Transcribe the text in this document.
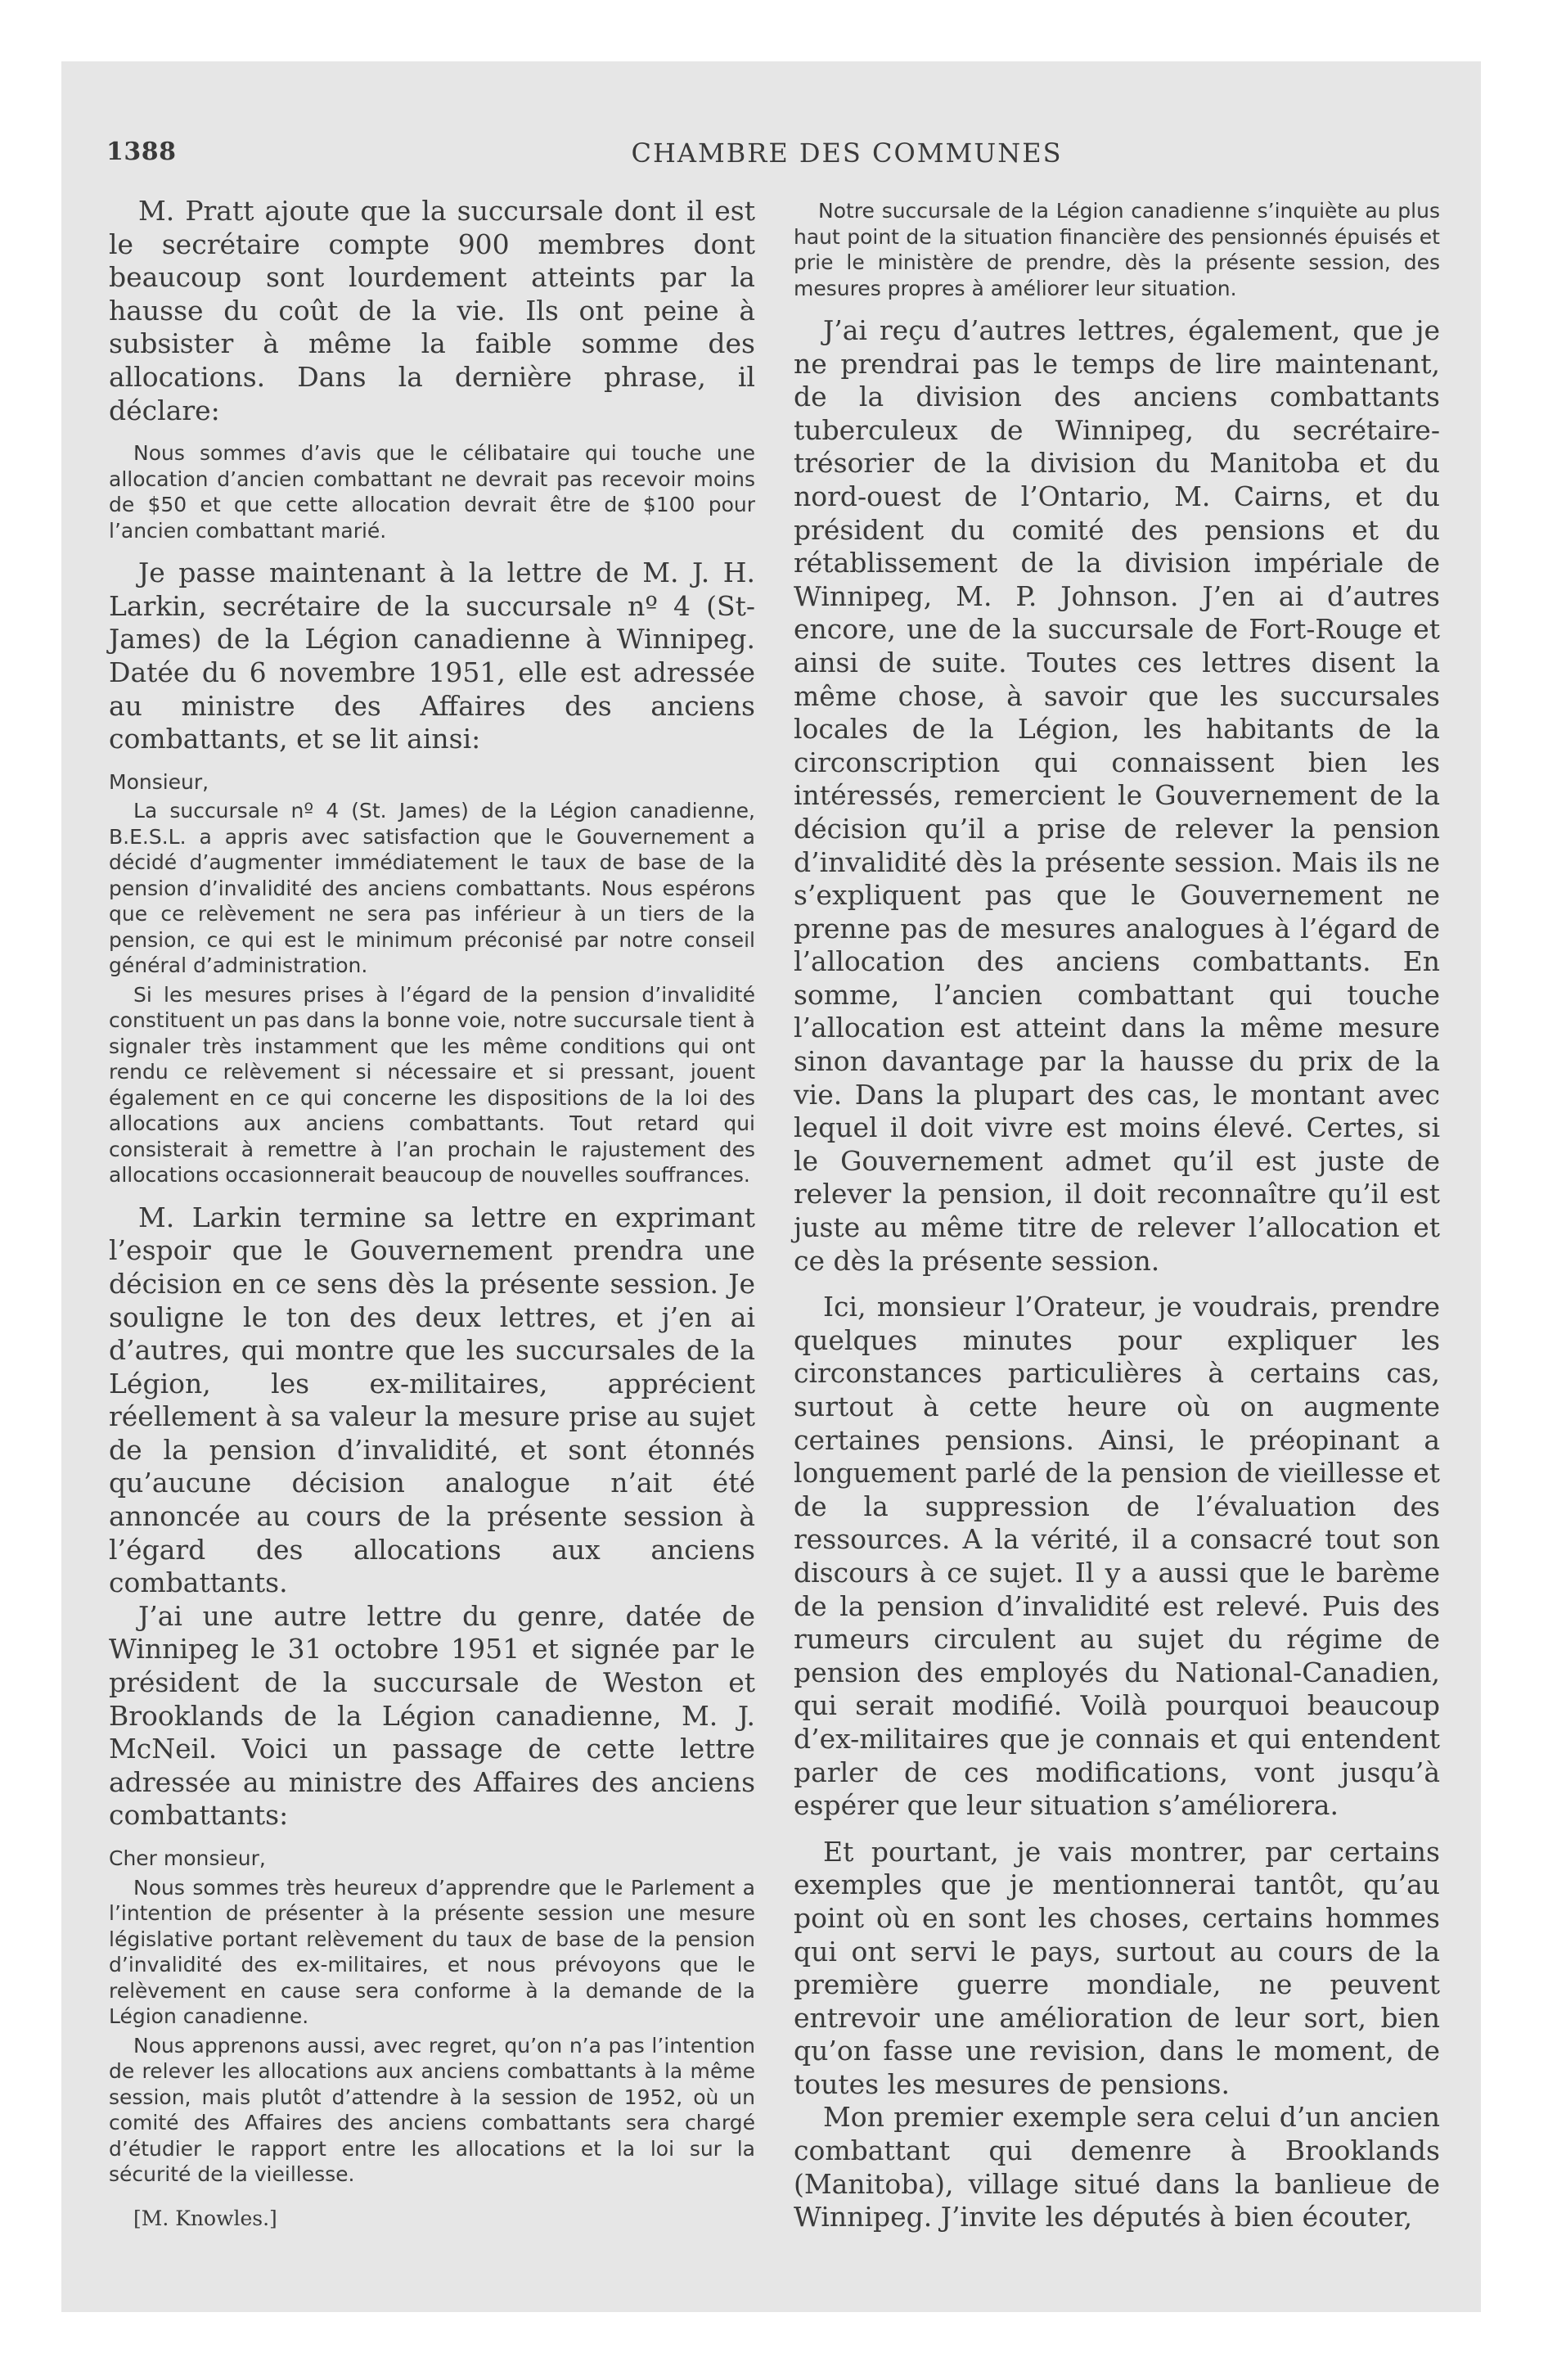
1388	CHAMBRE DES COMMUNES

M. Pratt ajoute que la succursale dont il est le secrétaire compte 900 membres dont beaucoup sont lourdement atteints par la hausse du coût de la vie. Ils ont peine à subsister à même la faible somme des allocations. Dans la dernière phrase, il déclare:

Nous sommes d’avis que le célibataire qui touche une allocation d’ancien combattant ne devrait pas recevoir moins de $50 et que cette allocation devrait être de $100 pour l’ancien combattant marié.

Je passe maintenant à la lettre de M. J. H. Larkin, secrétaire de la succursale nº 4 (St-James) de la Légion canadienne à Winnipeg. Datée du 6 novembre 1951, elle est adressée au ministre des Affaires des anciens combattants, et se lit ainsi:

Monsieur,

La succursale nº 4 (St. James) de la Légion canadienne, B.E.S.L. a appris avec satisfaction que le Gouvernement a décidé d’augmenter immédiatement le taux de base de la pension d’invalidité des anciens combattants. Nous espérons que ce relèvement ne sera pas inférieur à un tiers de la pension, ce qui est le minimum préconisé par notre conseil général d’administration.

Si les mesures prises à l’égard de la pension d’invalidité constituent un pas dans la bonne voie, notre succursale tient à signaler très instamment que les même conditions qui ont rendu ce relèvement si nécessaire et si pressant, jouent également en ce qui concerne les dispositions de la loi des allocations aux anciens combattants. Tout retard qui consisterait à remettre à l’an prochain le rajustement des allocations occasionnerait beaucoup de nouvelles souffrances.

M. Larkin termine sa lettre en exprimant l’espoir que le Gouvernement prendra une décision en ce sens dès la présente session. Je souligne le ton des deux lettres, et j’en ai d’autres, qui montre que les succursales de la Légion, les ex-militaires, apprécient réellement à sa valeur la mesure prise au sujet de la pension d’invalidité, et sont étonnés qu’aucune décision analogue n’ait été annoncée au cours de la présente session à l’égard des allocations aux anciens combattants.

J’ai une autre lettre du genre, datée de Winnipeg le 31 octobre 1951 et signée par le président de la succursale de Weston et Brooklands de la Légion canadienne, M. J. McNeil. Voici un passage de cette lettre adressée au ministre des Affaires des anciens combattants:

Cher monsieur,

Nous sommes très heureux d’apprendre que le Parlement a l’intention de présenter à la présente session une mesure législative portant relèvement du taux de base de la pension d’invalidité des ex-militaires, et nous prévoyons que le relèvement en cause sera conforme à la demande de la Légion canadienne.

Nous apprenons aussi, avec regret, qu’on n’a pas l’intention de relever les allocations aux anciens combattants à la même session, mais plutôt d’attendre à la session de 1952, où un comité des Affaires des anciens combattants sera chargé d’étudier le rapport entre les allocations et la loi sur la sécurité de la vieillesse.

[M. Knowles.]

Notre succursale de la Légion canadienne s’inquiète au plus haut point de la situation financière des pensionnés épuisés et prie le ministère de prendre, dès la présente session, des mesures propres à améliorer leur situation.

J’ai reçu d’autres lettres, également, que je ne prendrai pas le temps de lire maintenant, de la division des anciens combattants tuberculeux de Winnipeg, du secrétaire-trésorier de la division du Manitoba et du nord-ouest de l’Ontario, M. Cairns, et du président du comité des pensions et du rétablissement de la division impériale de Winnipeg, M. P. Johnson. J’en ai d’autres encore, une de la succursale de Fort-Rouge et ainsi de suite. Toutes ces lettres disent la même chose, à savoir que les succursales locales de la Légion, les habitants de la circonscription qui connaissent bien les intéressés, remercient le Gouvernement de la décision qu’il a prise de relever la pension d’invalidité dès la présente session. Mais ils ne s’expliquent pas que le Gouvernement ne prenne pas de mesures analogues à l’égard de l’allocation des anciens combattants. En somme, l’ancien combattant qui touche l’allocation est atteint dans la même mesure sinon davantage par la hausse du prix de la vie. Dans la plupart des cas, le montant avec lequel il doit vivre est moins élevé. Certes, si le Gouvernement admet qu’il est juste de relever la pension, il doit reconnaître qu’il est juste au même titre de relever l’allocation et ce dès la présente session.

Ici, monsieur l’Orateur, je voudrais, prendre quelques minutes pour expliquer les circonstances particulières à certains cas, surtout à cette heure où on augmente certaines pensions. Ainsi, le préopinant a longuement parlé de la pension de vieillesse et de la suppression de l’évaluation des ressources. A la vérité, il a consacré tout son discours à ce sujet. Il y a aussi que le barème de la pension d’invalidité est relevé. Puis des rumeurs circulent au sujet du régime de pension des employés du National-Canadien, qui serait modifié. Voilà pourquoi beaucoup d’ex-militaires que je connais et qui entendent parler de ces modifications, vont jusqu’à espérer que leur situation s’améliorera.

Et pourtant, je vais montrer, par certains exemples que je mentionnerai tantôt, qu’au point où en sont les choses, certains hommes qui ont servi le pays, surtout au cours de la première guerre mondiale, ne peuvent entrevoir une amélioration de leur sort, bien qu’on fasse une revision, dans le moment, de toutes les mesures de pensions.

Mon premier exemple sera celui d’un ancien combattant qui demenre à Brooklands (Manitoba), village situé dans la banlieue de Winnipeg. J’invite les députés à bien écouter,
